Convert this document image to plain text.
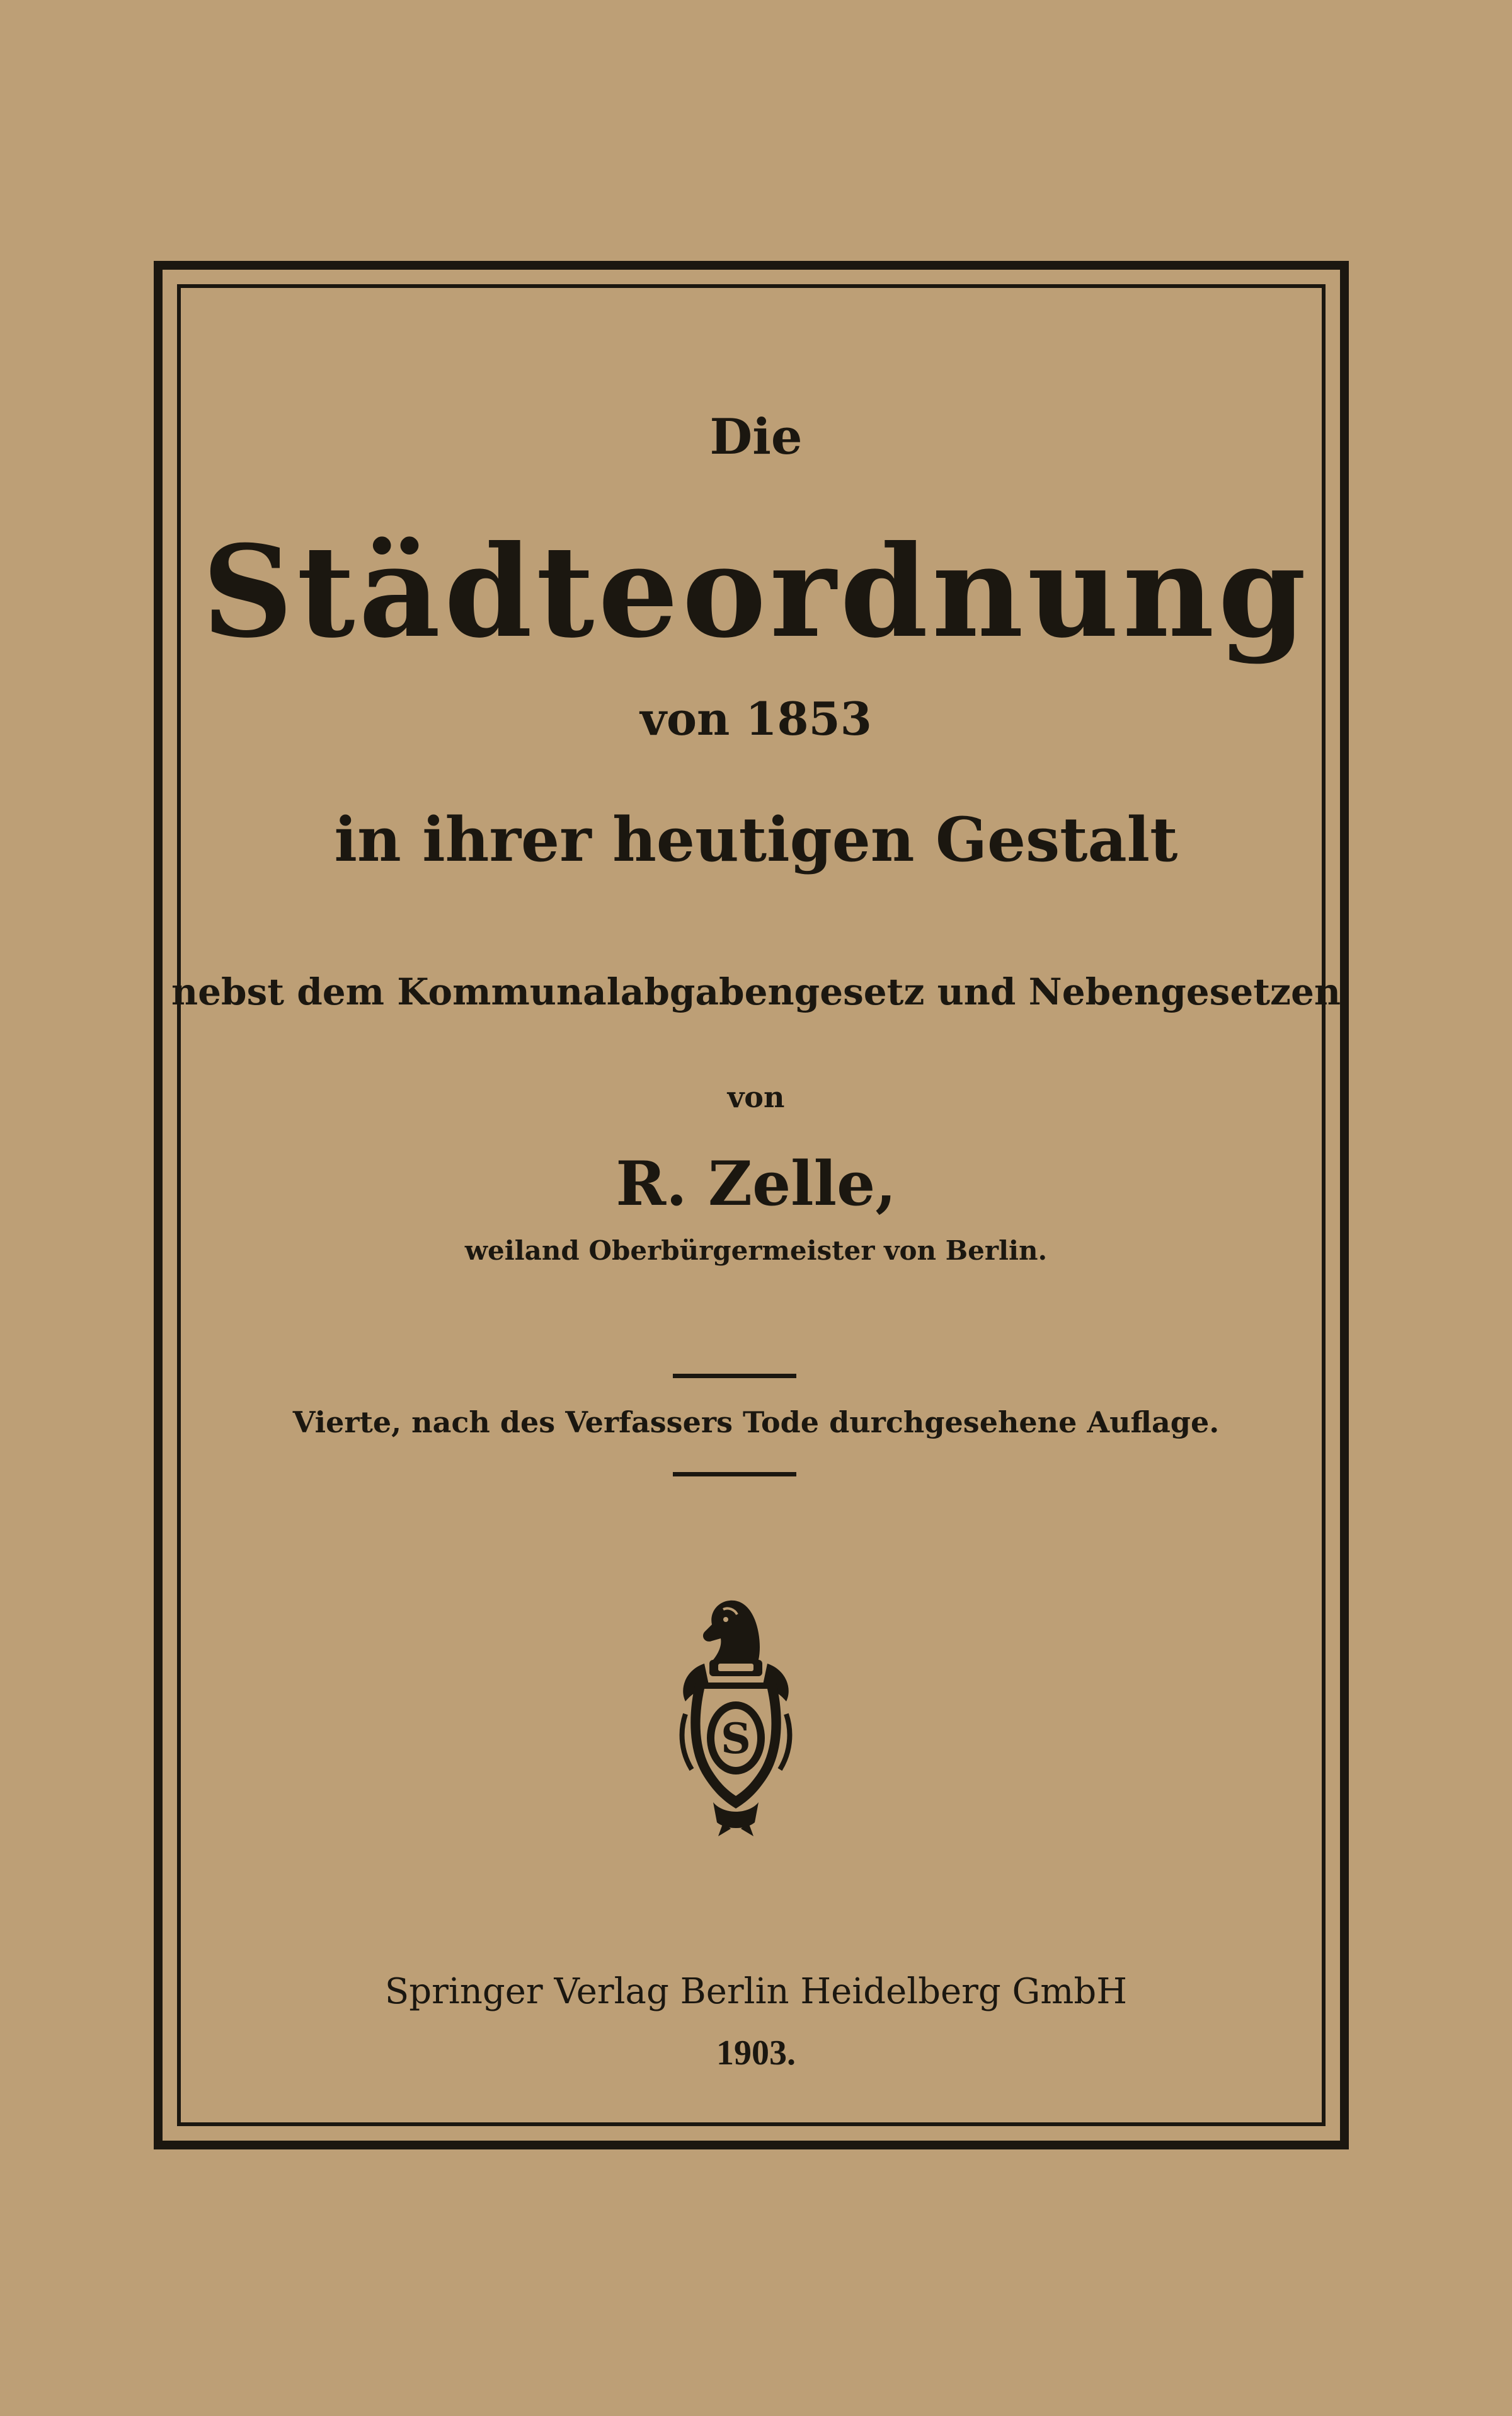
Die
Städteordnung
von 1853
in ihrer heutigen Gestalt
nebst dem Kommunalabgabengesetz und Nebengesetzen
von
R. Zelle,
weiland Oberbürgermeister von Berlin.
Vierte, nach des Verfassers Tode durchgesehene Auflage.
S
Springer Verlag Berlin Heidelberg GmbH
1903.
